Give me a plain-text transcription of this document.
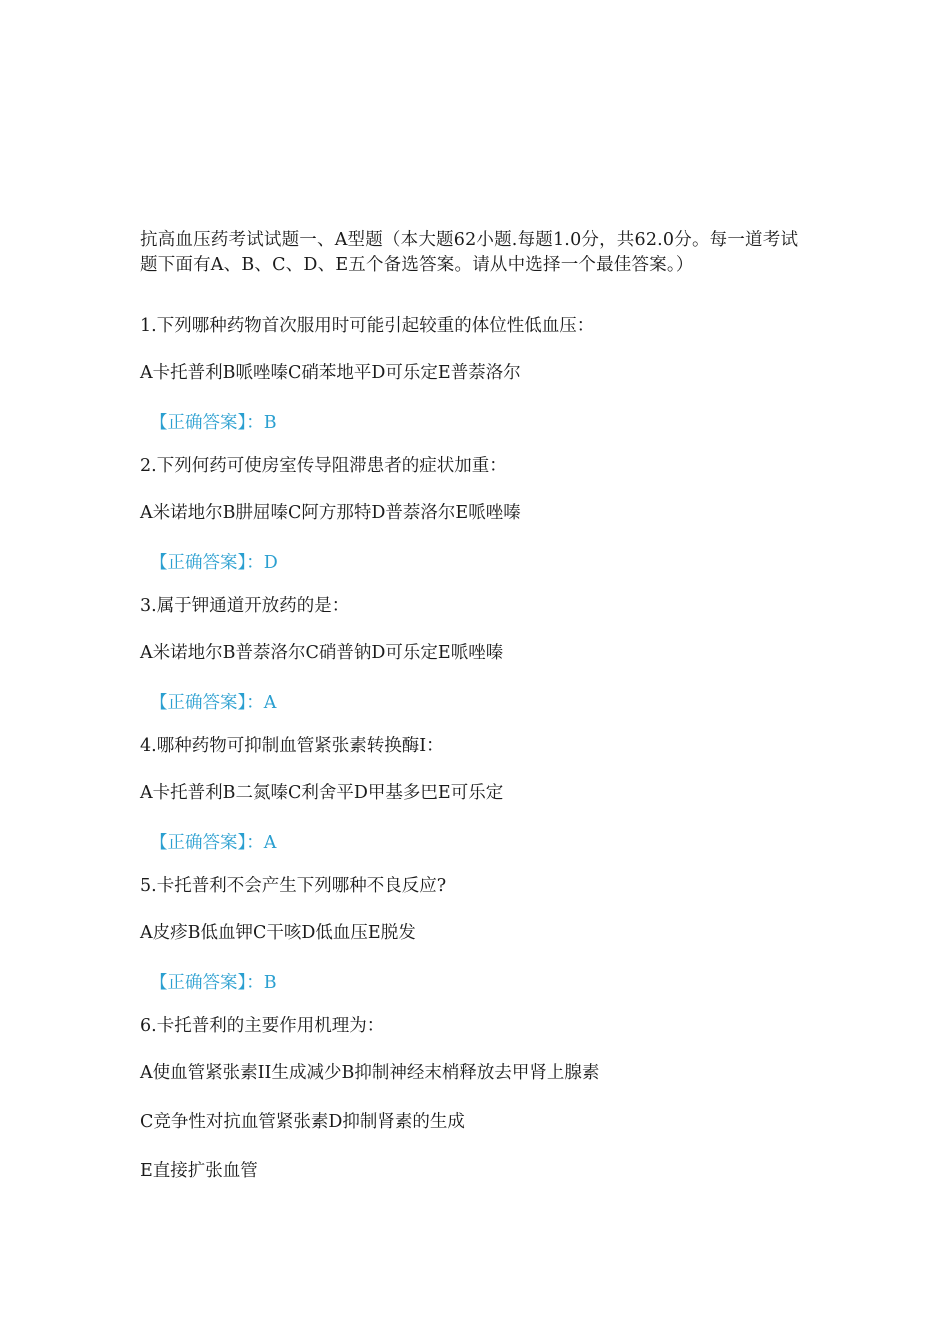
抗高血压药考试试题一、A型题（本大题62小题.每题1.0分，共62.0分。每一道考试题下面有A、B、C、D、E五个备选答案。请从中选择一个最佳答案。）

1.下列哪种药物首次服用时可能引起较重的体位性低血压：

A卡托普利B哌唑嗪C硝苯地平D可乐定E普萘洛尔

【正确答案】：B

2.下列何药可使房室传导阻滞患者的症状加重：

A米诺地尔B肼屈嗪C阿方那特D普萘洛尔E哌唑嗪

【正确答案】：D

3.属于钾通道开放药的是：

A米诺地尔B普萘洛尔C硝普钠D可乐定E哌唑嗪

【正确答案】：A

4.哪种药物可抑制血管紧张素转换酶I：

A卡托普利B二氮嗪C利舍平D甲基多巴E可乐定

【正确答案】：A

5.卡托普利不会产生下列哪种不良反应?

A皮疹B低血钾C干咳D低血压E脱发

【正确答案】：B

6.卡托普利的主要作用机理为：

A使血管紧张素II生成减少B抑制神经末梢释放去甲肾上腺素

C竞争性对抗血管紧张素D抑制肾素的生成

E直接扩张血管
